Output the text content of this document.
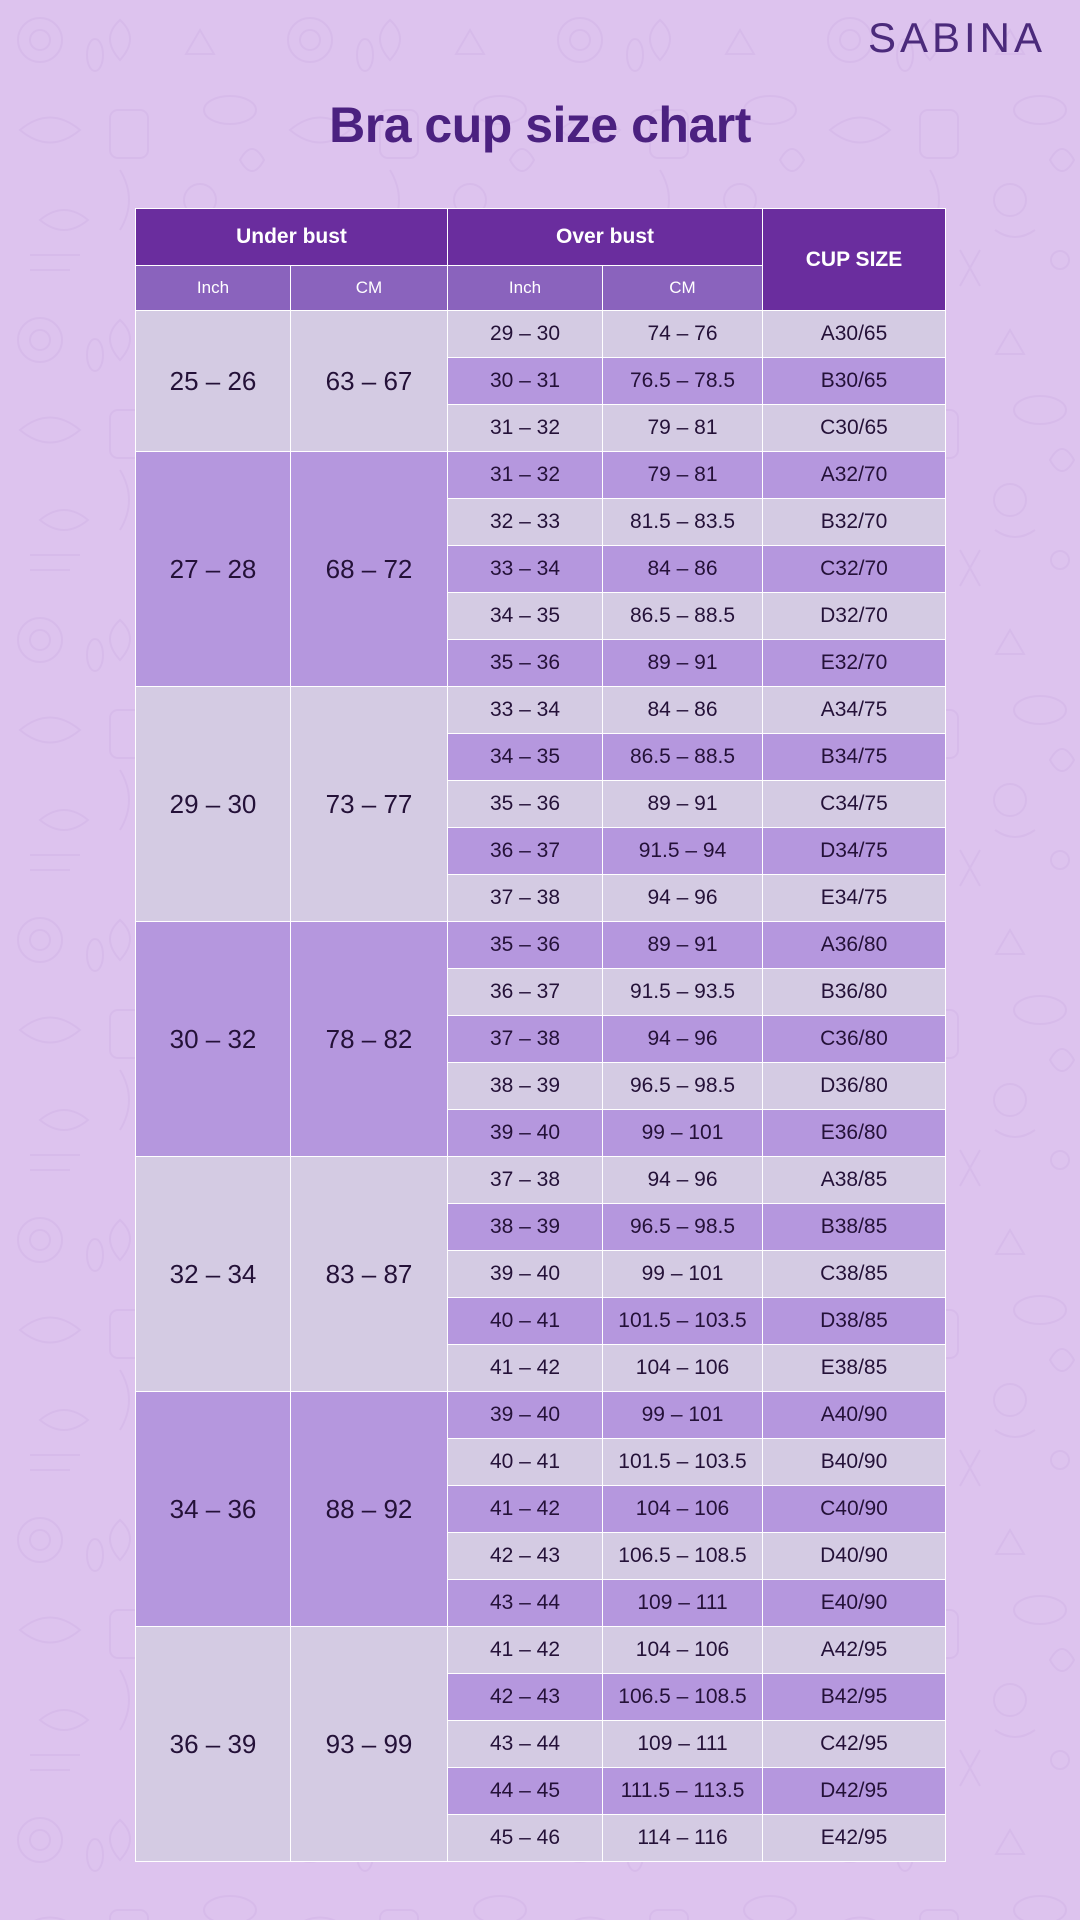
SABINA
Bra cup size chart
Under bust		Over bust		CUP SIZE
Inch	CM	Inch	CM	
25 – 26	63 – 67	29 – 30	74 – 76	A30/65
		30 – 31	76.5 – 78.5	B30/65
		31 – 32	79 – 81	C30/65
27 – 28	68 – 72	31 – 32	79 – 81	A32/70
		32 – 33	81.5 – 83.5	B32/70
		33 – 34	84 – 86	C32/70
		34 – 35	86.5 – 88.5	D32/70
		35 – 36	89 – 91	E32/70
29 – 30	73 – 77	33 – 34	84 – 86	A34/75
		34 – 35	86.5 – 88.5	B34/75
		35 – 36	89 – 91	C34/75
		36 – 37	91.5 – 94	D34/75
		37 – 38	94 – 96	E34/75
30 – 32	78 – 82	35 – 36	89 – 91	A36/80
		36 – 37	91.5 – 93.5	B36/80
		37 – 38	94 – 96	C36/80
		38 – 39	96.5 – 98.5	D36/80
		39 – 40	99 – 101	E36/80
32 – 34	83 – 87	37 – 38	94 – 96	A38/85
		38 – 39	96.5 – 98.5	B38/85
		39 – 40	99 – 101	C38/85
		40 – 41	101.5 – 103.5	D38/85
		41 – 42	104 – 106	E38/85
34 – 36	88 – 92	39 – 40	99 – 101	A40/90
		40 – 41	101.5 – 103.5	B40/90
		41 – 42	104 – 106	C40/90
		42 – 43	106.5 – 108.5	D40/90
		43 – 44	109 – 111	E40/90
36 – 39	93 – 99	41 – 42	104 – 106	A42/95
		42 – 43	106.5 – 108.5	B42/95
		43 – 44	109 – 111	C42/95
		44 – 45	111.5 – 113.5	D42/95
		45 – 46	114 – 116	E42/95
